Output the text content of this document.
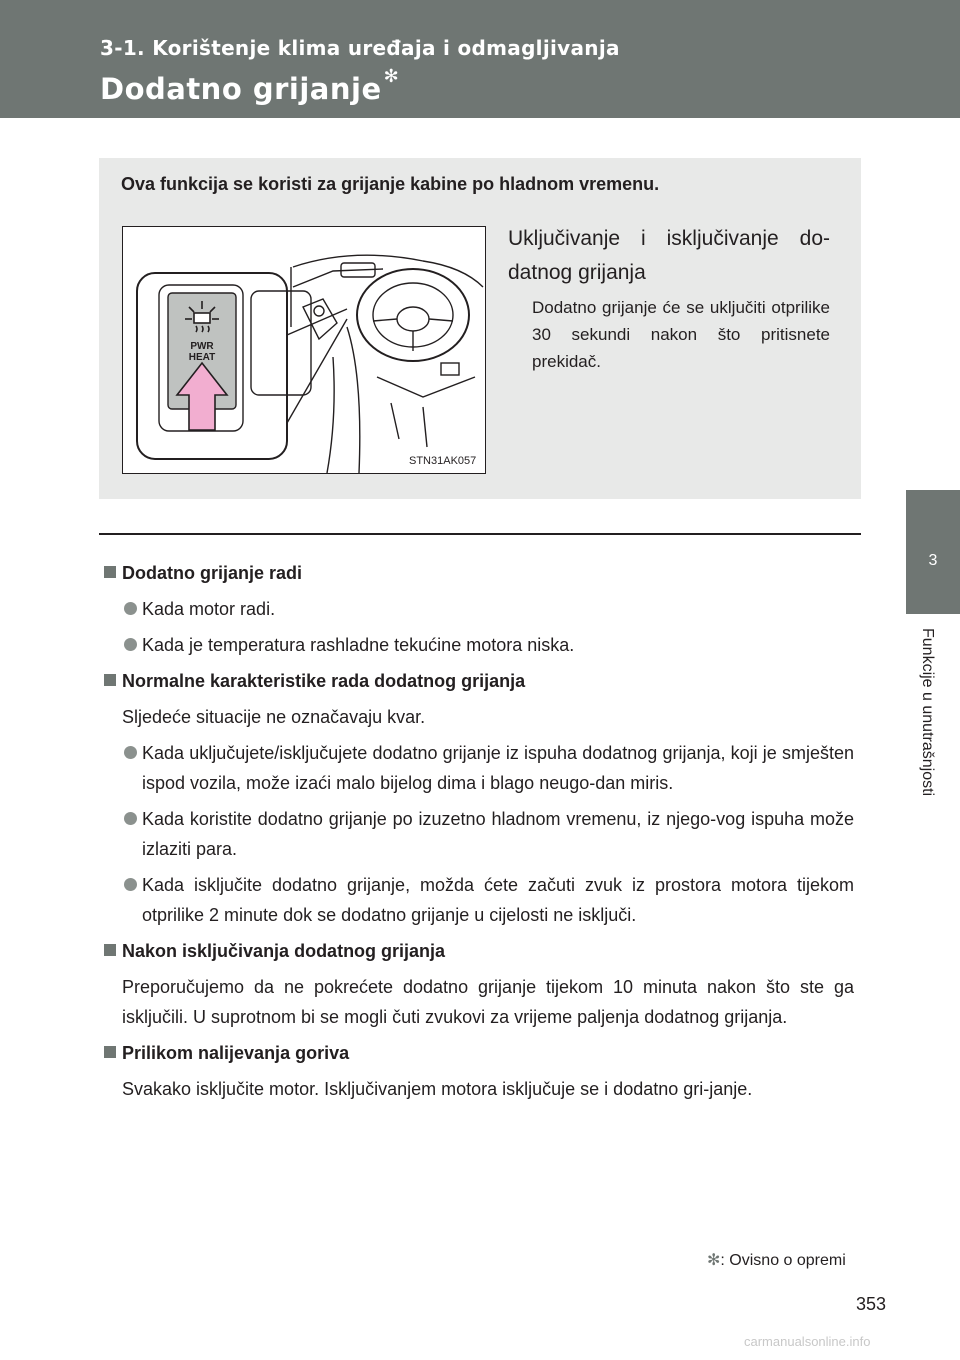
3-1. Korištenje klima uređaja i odmagljivanja
Dodatno grijanje ✻
3
Funkcije u unutrašnjosti
Ova funkcija se koristi za grijanje kabine po hladnom vremenu.
PWR
HEAT
STN31AK057
Uključivanje i isključivanje do-datnog grijanja
Dodatno grijanje će se uključiti otprilike 30 sekundi nakon što pritisnete prekidač.
Dodatno grijanje radi
Kada motor radi.
Kada je temperatura rashladne tekućine motora niska.
Normalne karakteristike rada dodatnog grijanja
Sljedeće situacije ne označavaju kvar.
Kada uključujete/isključujete dodatno grijanje iz ispuha dodatnog grijanja, koji je smješten ispod vozila, može izaći malo bijelog dima i blago neugo-dan miris.
Kada koristite dodatno grijanje po izuzetno hladnom vremenu, iz njego-vog ispuha može izlaziti para.
Kada isključite dodatno grijanje, možda ćete začuti zvuk iz prostora motora tijekom otprilike 2 minute dok se dodatno grijanje u cijelosti ne isključi.
Nakon isključivanja dodatnog grijanja
Preporučujemo da ne pokrećete dodatno grijanje tijekom 10 minuta nakon što ste ga isključili. U suprotnom bi se mogli čuti zvukovi za vrijeme paljenja dodatnog grijanja.
Prilikom nalijevanja goriva
Svakako isključite motor. Isključivanjem motora isključuje se i dodatno gri-janje.
✻: Ovisno o opremi
353
carmanualsonline.info
